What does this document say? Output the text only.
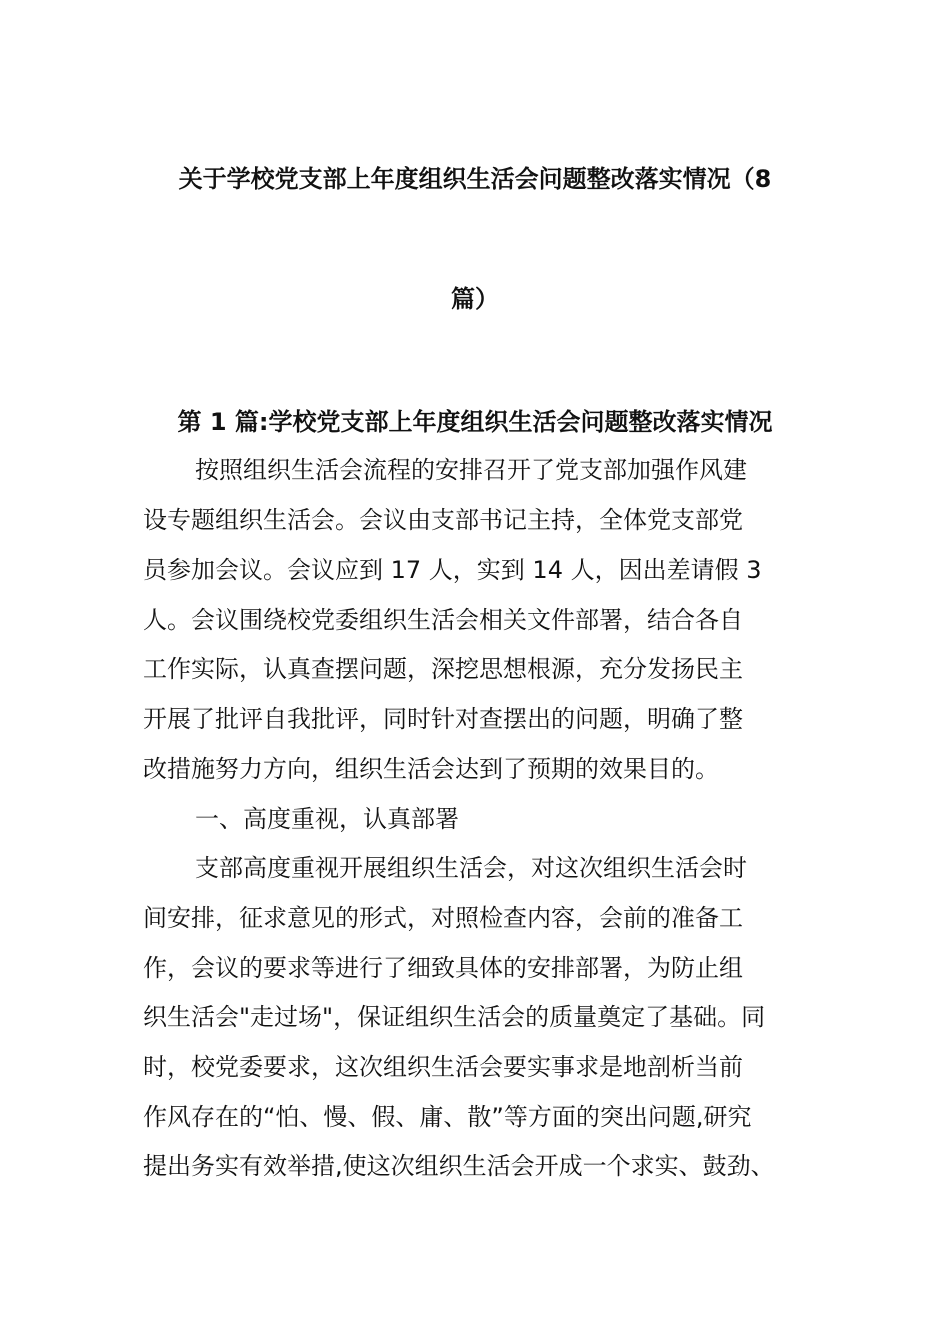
关于学校党支部上年度组织生活会问题整改落实情况（8
篇）
第 1 篇:学校党支部上年度组织生活会问题整改落实情况
按照组织生活会流程的安排召开了党支部加强作风建
设专题组织生活会。会议由支部书记主持，全体党支部党
员参加会议。会议应到 17 人，实到 14 人，因出差请假 3
人。会议围绕校党委组织生活会相关文件部署，结合各自
工作实际，认真查摆问题，深挖思想根源，充分发扬民主
开展了批评自我批评，同时针对查摆出的问题，明确了整
改措施努力方向，组织生活会达到了预期的效果目的。
一、高度重视，认真部署
支部高度重视开展组织生活会，对这次组织生活会时
间安排，征求意见的形式，对照检查内容，会前的准备工
作，会议的要求等进行了细致具体的安排部署，为防止组
织生活会"走过场"，保证组织生活会的质量奠定了基础。同
时，校党委要求，这次组织生活会要实事求是地剖析当前
作风存在的“怕、慢、假、庸、散”等方面的突出问题,研究
提出务实有效举措,使这次组织生活会开成一个求实、鼓劲、
